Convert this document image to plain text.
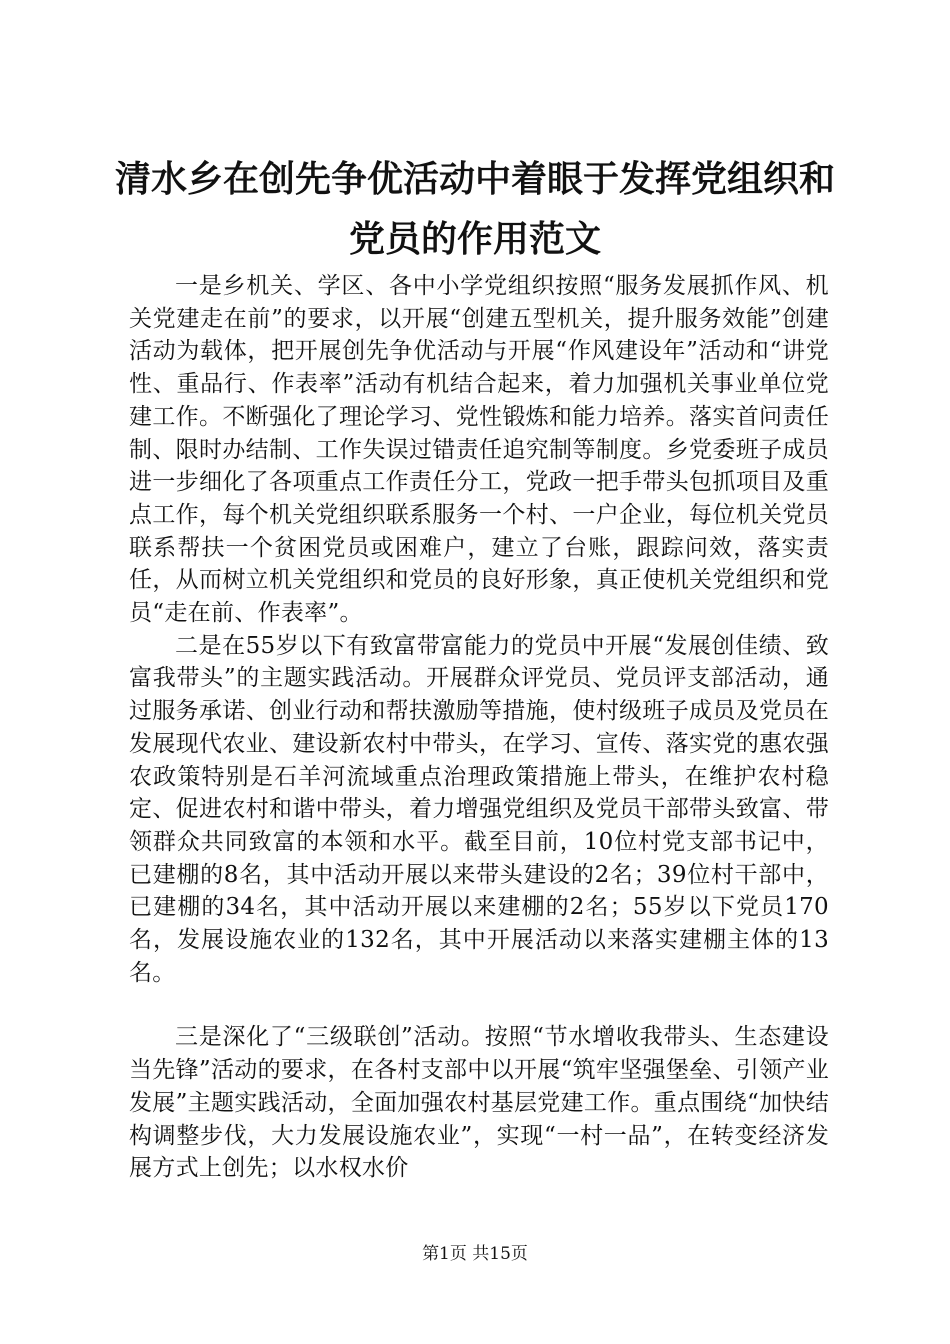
清水乡在创先争优活动中着眼于发挥党组织和
党员的作用范文

一是乡机关、学区、各中小学党组织按照“服务发展抓作风、机关党建走在前”的要求，以开展“创建五型机关，提升服务效能”创建活动为载体，把开展创先争优活动与开展“作风建设年”活动和“讲党性、重品行、作表率”活动有机结合起来，着力加强机关事业单位党建工作。不断强化了理论学习、党性锻炼和能力培养。落实首问责任制、限时办结制、工作失误过错责任追究制等制度。乡党委班子成员进一步细化了各项重点工作责任分工，党政一把手带头包抓项目及重点工作，每个机关党组织联系服务一个村、一户企业，每位机关党员联系帮扶一个贫困党员或困难户，建立了台账，跟踪问效，落实责任，从而树立机关党组织和党员的良好形象，真正使机关党组织和党员“走在前、作表率”。

二是在55岁以下有致富带富能力的党员中开展“发展创佳绩、致富我带头”的主题实践活动。开展群众评党员、党员评支部活动，通过服务承诺、创业行动和帮扶激励等措施，使村级班子成员及党员在发展现代农业、建设新农村中带头，在学习、宣传、落实党的惠农强农政策特别是石羊河流域重点治理政策措施上带头，在维护农村稳定、促进农村和谐中带头，着力增强党组织及党员干部带头致富、带领群众共同致富的本领和水平。截至目前，10位村党支部书记中，已建棚的8名，其中活动开展以来带头建设的2名；39位村干部中，已建棚的34名，其中活动开展以来建棚的2名；55岁以下党员170名，发展设施农业的132名，其中开展活动以来落实建棚主体的13名。

三是深化了“三级联创”活动。按照“节水增收我带头、生态建设当先锋”活动的要求，在各村支部中以开展“筑牢坚强堡垒、引领产业发展”主题实践活动，全面加强农村基层党建工作。重点围绕“加快结构调整步伐，大力发展设施农业”，实现“一村一品”，在转变经济发展方式上创先；以水权水价

第1页 共15页
